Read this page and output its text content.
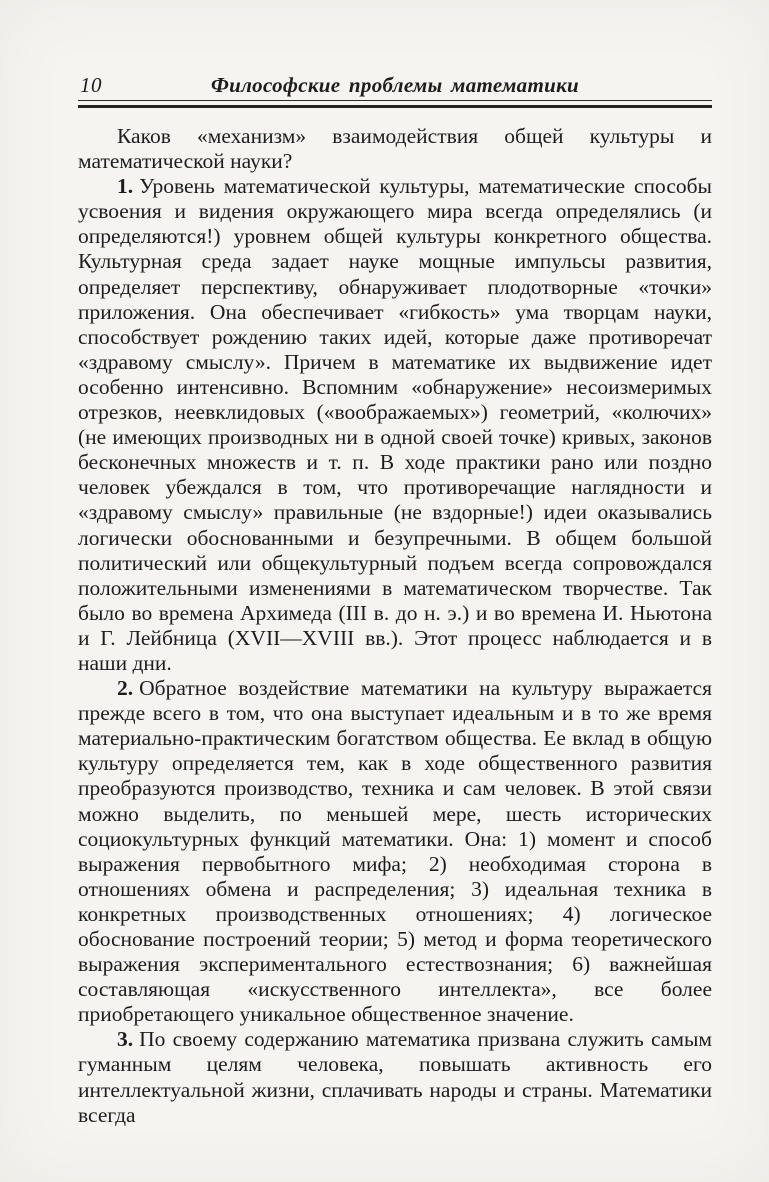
10	Философские проблемы математики

Каков «механизм» взаимодействия общей культуры и математической науки?

1. Уровень математической культуры, математические способы усвоения и видения окружающего мира всегда определялись (и определяются!) уровнем общей культуры конкретного общества. Культурная среда задает науке мощные импульсы развития, определяет перспективу, обнаруживает плодотворные «точки» приложения. Она обеспечивает «гибкость» ума творцам науки, способствует рождению таких идей, которые даже противоречат «здравому смыслу». Причем в математике их выдвижение идет особенно интенсивно. Вспомним «обнаружение» несоизмеримых отрезков, неевклидовых («воображаемых») геометрий, «колючих» (не имеющих производных ни в одной своей точке) кривых, законов бесконечных множеств и т. п. В ходе практики рано или поздно человек убеждался в том, что противоречащие наглядности и «здравому смыслу» правильные (не вздорные!) идеи оказывались логически обоснованными и безупречными. В общем большой политический или общекультурный подъем всегда сопровождался положительными изменениями в математическом творчестве. Так было во времена Архимеда (III в. до н. э.) и во времена И. Ньютона и Г. Лейбница (XVII—XVIII вв.). Этот процесс наблюдается и в наши дни.

2. Обратное воздействие математики на культуру выражается прежде всего в том, что она выступает идеальным и в то же время материально-практическим богатством общества. Ее вклад в общую культуру определяется тем, как в ходе общественного развития преобразуются производство, техника и сам человек. В этой связи можно выделить, по меньшей мере, шесть исторических социокультурных функций математики. Она: 1) момент и способ выражения первобытного мифа; 2) необходимая сторона в отношениях обмена и распределения; 3) идеальная техника в конкретных производственных отношениях; 4) логическое обоснование построений теории; 5) метод и форма теоретического выражения экспериментального естествознания; 6) важнейшая составляющая «искусственного интеллекта», все более приобретающего уникальное общественное значение.

3. По своему содержанию математика призвана служить самым гуманным целям человека, повышать активность его интеллектуальной жизни, сплачивать народы и страны. Математики всегда
